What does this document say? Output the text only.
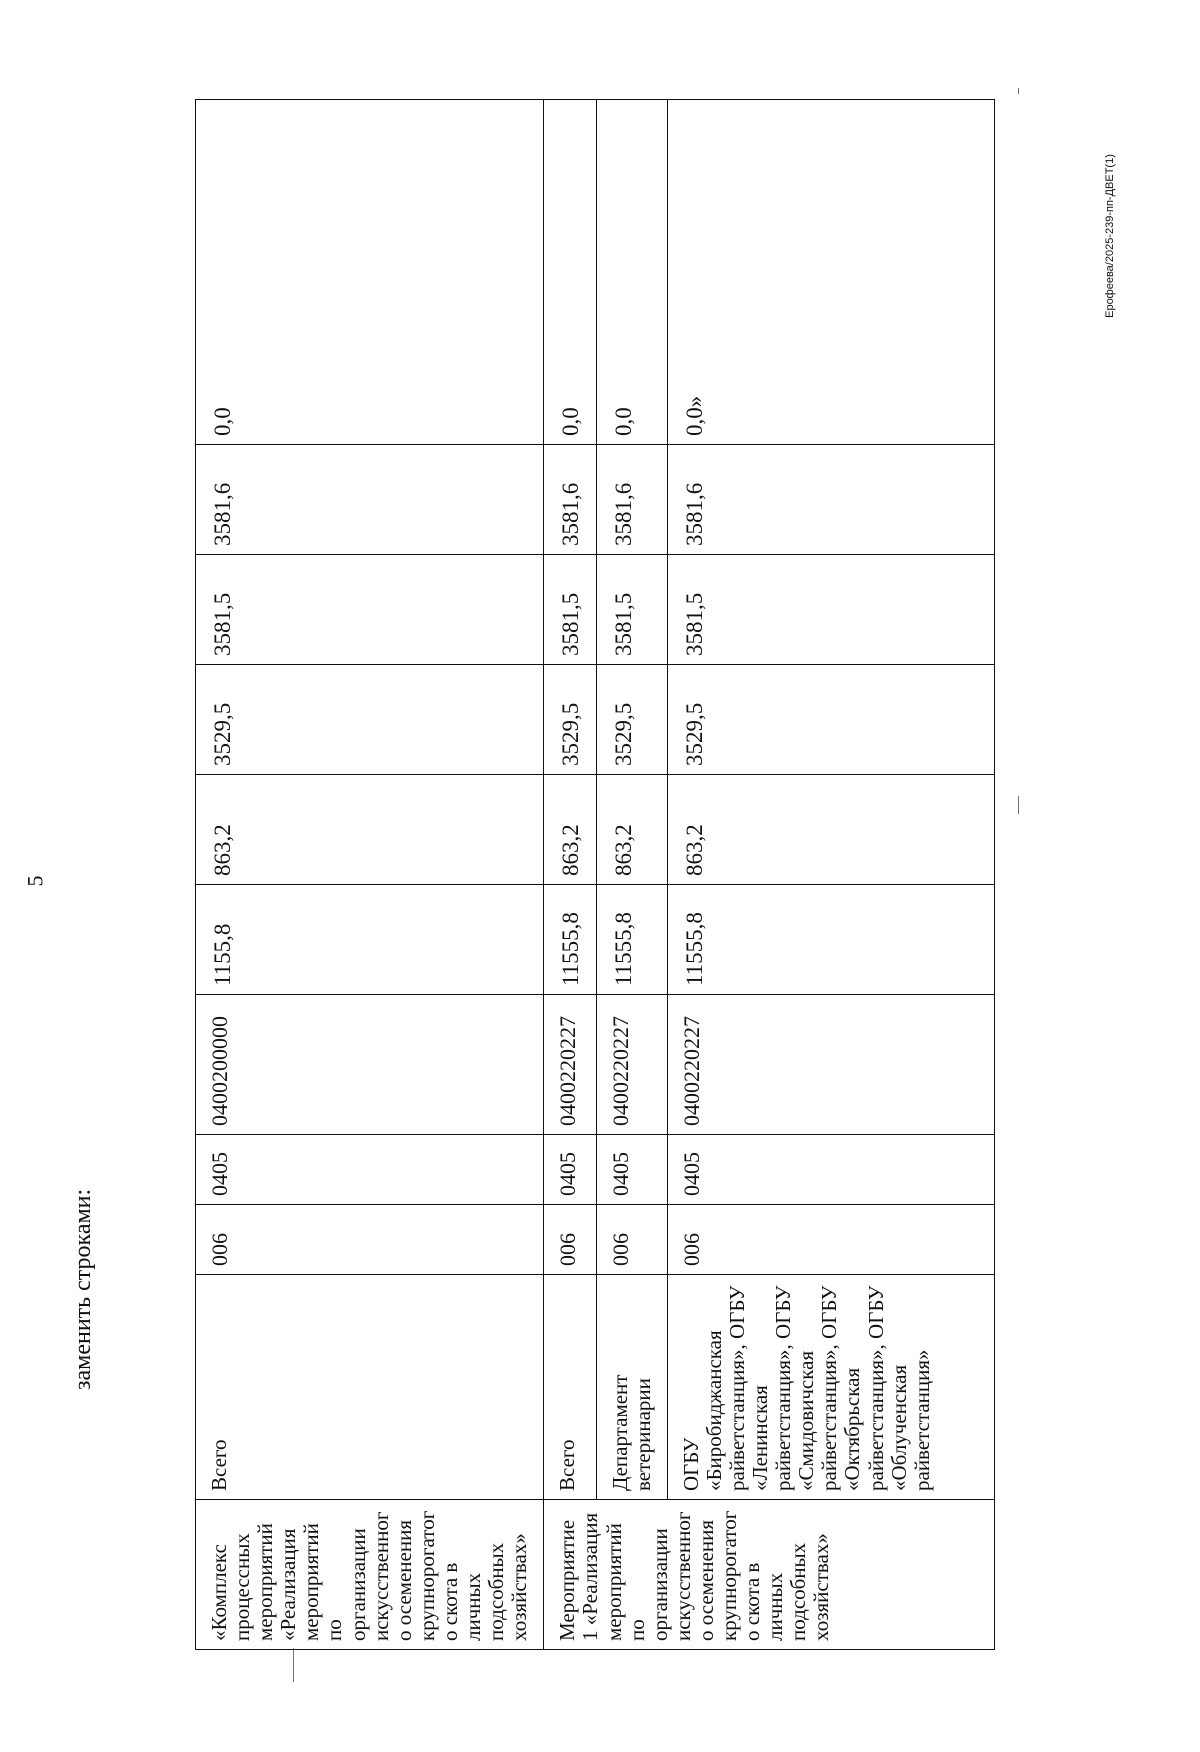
5
заменить строками:
Ерофеева/2025-239-пп-ДВЕТ(1)
«Комплекс процессных мероприятий «Реализация мероприятий по организации искусственного осеменения крупнорогатого скота в личных подсобных хозяйствах»	Всего	006	0405	0400200000	1155,8	863,2	3529,5	3581,5	3581,6	0,0
Мероприятие 1 «Реализация мероприятий по организации искусственного осеменения крупнорогатого скота в личных подсобных хозяйствах»	Всего	006	0405	0400220227	11555,8	863,2	3529,5	3581,5	3581,6	0,0
	Департамент ветеринарии	006	0405	0400220227	11555,8	863,2	3529,5	3581,5	3581,6	0,0
	ОГБУ «Биробиджанская райветстанция», ОГБУ «Ленинская райветстанция», ОГБУ «Смидовичская райветстанция», ОГБУ «Октябрьская райветстанция», ОГБУ «Облученская райветстанция»	006	0405	0400220227	11555,8	863,2	3529,5	3581,5	3581,6	0,0»
